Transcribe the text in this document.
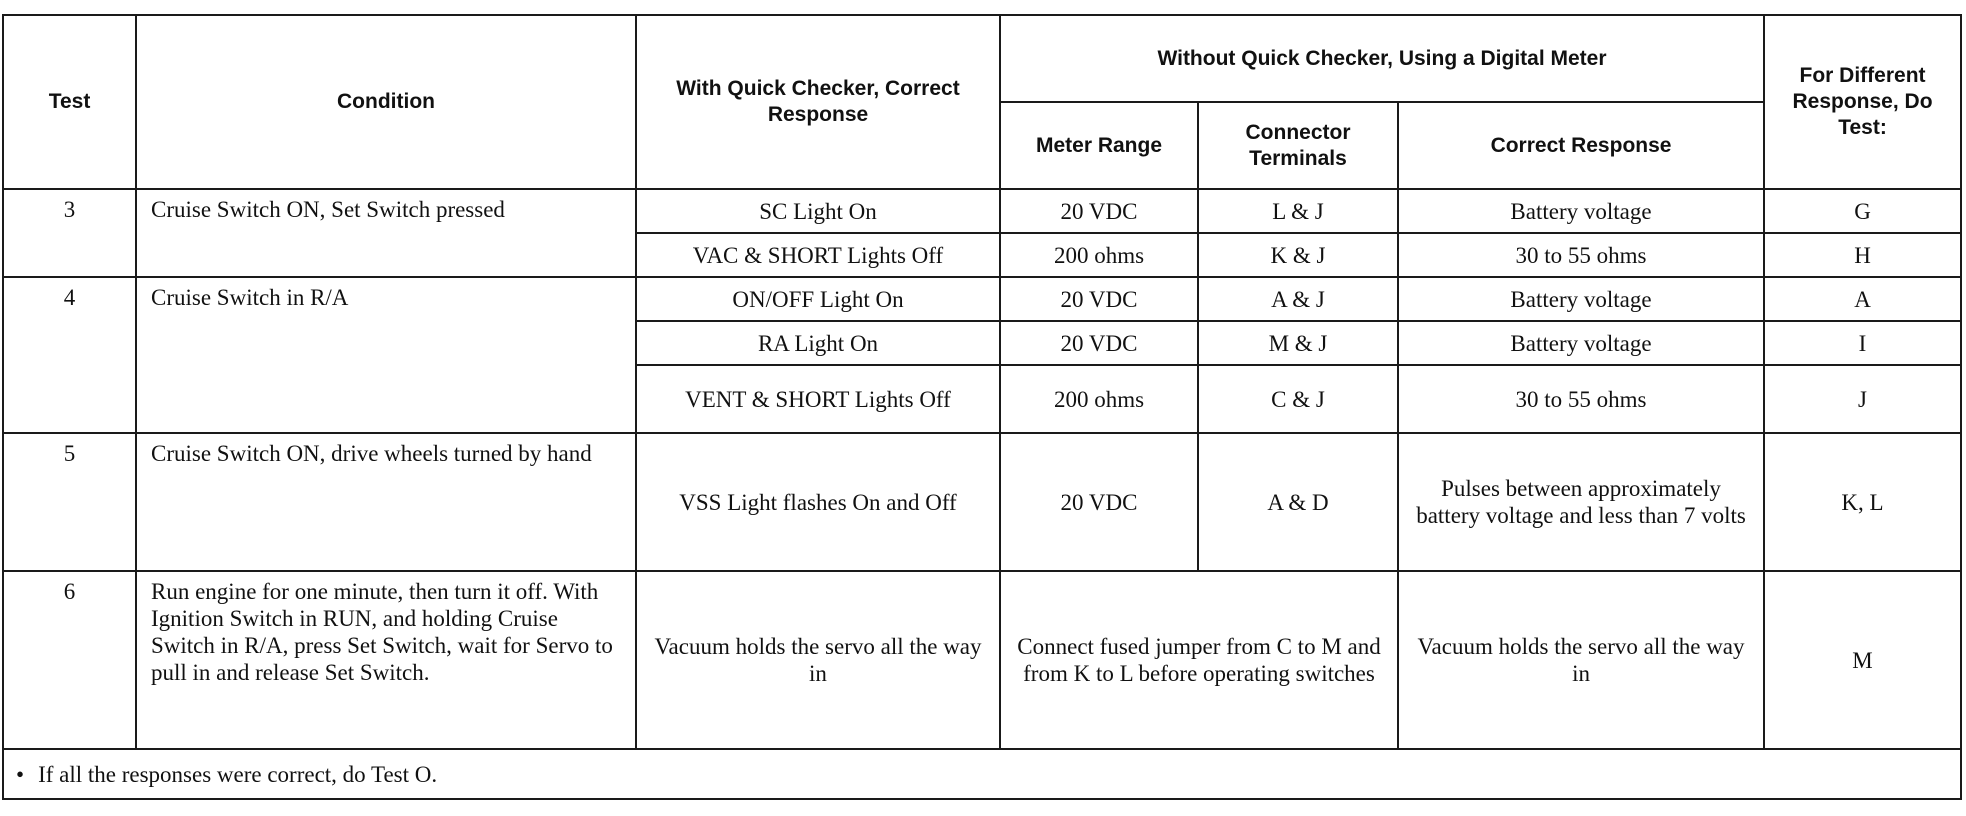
Test	Condition	With Quick Checker, Correct Response	Without Quick Checker, Using a Digital Meter			For Different Response, Do Test:
			Meter Range	Connector Terminals	Correct Response	
3	Cruise Switch ON, Set Switch pressed	SC Light On	20 VDC	L & J	Battery voltage	G
		VAC & SHORT Lights Off	200 ohms	K & J	30 to 55 ohms	H
4	Cruise Switch in R/A	ON/OFF Light On	20 VDC	A & J	Battery voltage	A
		RA Light On	20 VDC	M & J	Battery voltage	I
		VENT & SHORT Lights Off	200 ohms	C & J	30 to 55 ohms	J
5	Cruise Switch ON, drive wheels turned by hand	VSS Light flashes On and Off	20 VDC	A & D	Pulses between approximately battery voltage and less than 7 volts	K, L
6	Run engine for one minute, then turn it off. With Ignition Switch in RUN, and holding Cruise Switch in R/A, press Set Switch, wait for Servo to pull in and release Set Switch.	Vacuum holds the servo all the way in	Connect fused jumper from C to M and from K to L before operating switches		Vacuum holds the servo all the way in	M
• If all the responses were correct, do Test O.						
